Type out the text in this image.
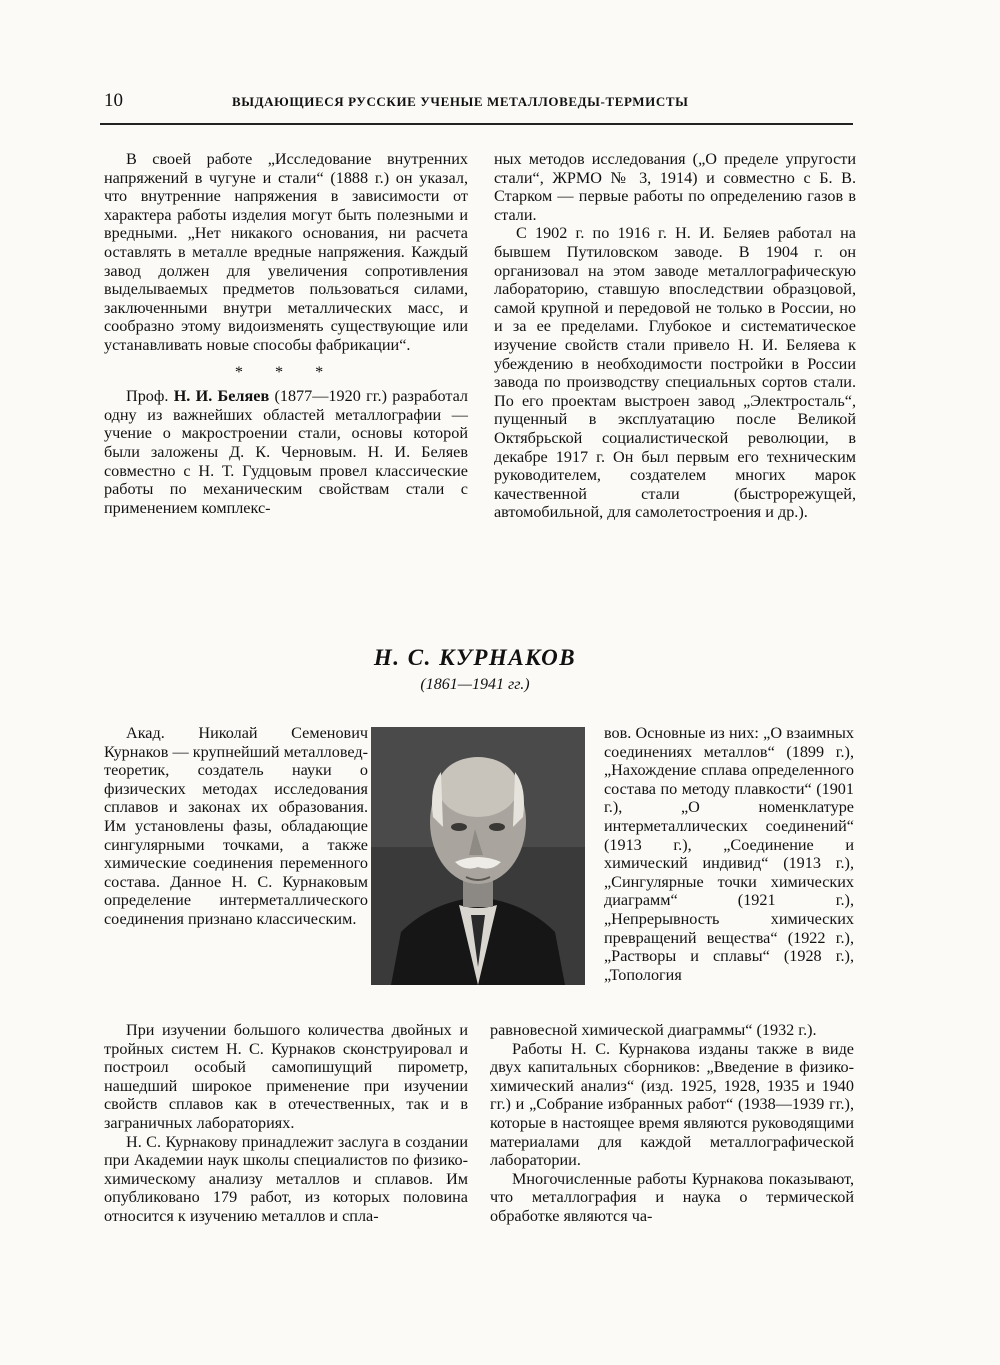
10	ВЫДАЮЩИЕСЯ РУССКИЕ УЧЕНЫЕ МЕТАЛЛОВЕДЫ-ТЕРМИСТЫ

В своей работе „Исследование внутренних напряжений в чугуне и стали“ (1888 г.) он указал, что внутренние напряжения в зависимости от характера работы изделия могут быть полезными и вредными. „Нет никакого основания, ни расчета оставлять в металле вредные напряжения. Каждый завод должен для увеличения сопротивления выделываемых предметов пользоваться силами, заключенными внутри металлических масс, и сообразно этому видоизменять существующие или устанавливать новые способы фабрикации“.

* * *

Проф. Н. И. Беляев (1877—1920 гг.) разработал одну из важнейших областей металлографии — учение о макростроении стали, основы которой были заложены Д. К. Черновым. Н. И. Беляев совместно с Н. Т. Гудцовым провел классические работы по механическим свойствам стали с применением комплекс-

ных методов исследования („О пределе упругости стали“, ЖРМО № 3, 1914) и совместно с Б. В. Старком — первые работы по определению газов в стали.

С 1902 г. по 1916 г. Н. И. Беляев работал на бывшем Путиловском заводе. В 1904 г. он организовал на этом заводе металлографическую лабораторию, ставшую впоследствии образцовой, самой крупной и передовой не только в России, но и за ее пределами. Глубокое и систематическое изучение свойств стали привело Н. И. Беляева к убеждению в необходимости постройки в России завода по производству специальных сортов стали. По его проектам выстроен завод „Электросталь“, пущенный в эксплуатацию после Великой Октябрьской социалистической революции, в декабре 1917 г. Он был первым его техническим руководителем, создателем многих марок качественной стали (быстрорежущей, автомобильной, для самолетостроения и др.).

Н. С. КУРНАКОВ
(1861—1941 гг.)

Акад. Николай Семенович Курнаков — крупнейший металловед-теоретик, создатель науки о физических методах исследования сплавов и законах их образования. Им установлены фазы, обладающие сингулярными точками, а также химические соединения переменного состава. Данное Н. С. Курнаковым определение интерметаллического соединения признано классическим.

вов. Основные из них: „О взаимных соединениях металлов“ (1899 г.), „Нахождение сплава определенного состава по методу плавкости“ (1901 г.), „О номенклатуре интерметаллических соединений“ (1913 г.), „Соединение и химический индивид“ (1913 г.), „Сингулярные точки химических диаграмм“ (1921 г.), „Непрерывность химических превращений вещества“ (1922 г.), „Растворы и сплавы“ (1928 г.), „Топология

При изучении большого количества двойных и тройных систем Н. С. Курнаков сконструировал и построил особый самопишущий пирометр, нашедший широкое применение при изучении свойств сплавов как в отечественных, так и в заграничных лабораториях.

Н. С. Курнакову принадлежит заслуга в создании при Академии наук школы специалистов по физико-химическому анализу металлов и сплавов. Им опубликовано 179 работ, из которых половина относится к изучению металлов и спла-

равновесной химической диаграммы“ (1932 г.).

Работы Н. С. Курнакова изданы также в виде двух капитальных сборников: „Введение в физико-химический анализ“ (изд. 1925, 1928, 1935 и 1940 гг.) и „Собрание избранных работ“ (1938—1939 гг.), которые в настоящее время являются руководящими материалами для каждой металлографической лаборатории.

Многочисленные работы Курнакова показывают, что металлография и наука о термической обработке являются ча-
